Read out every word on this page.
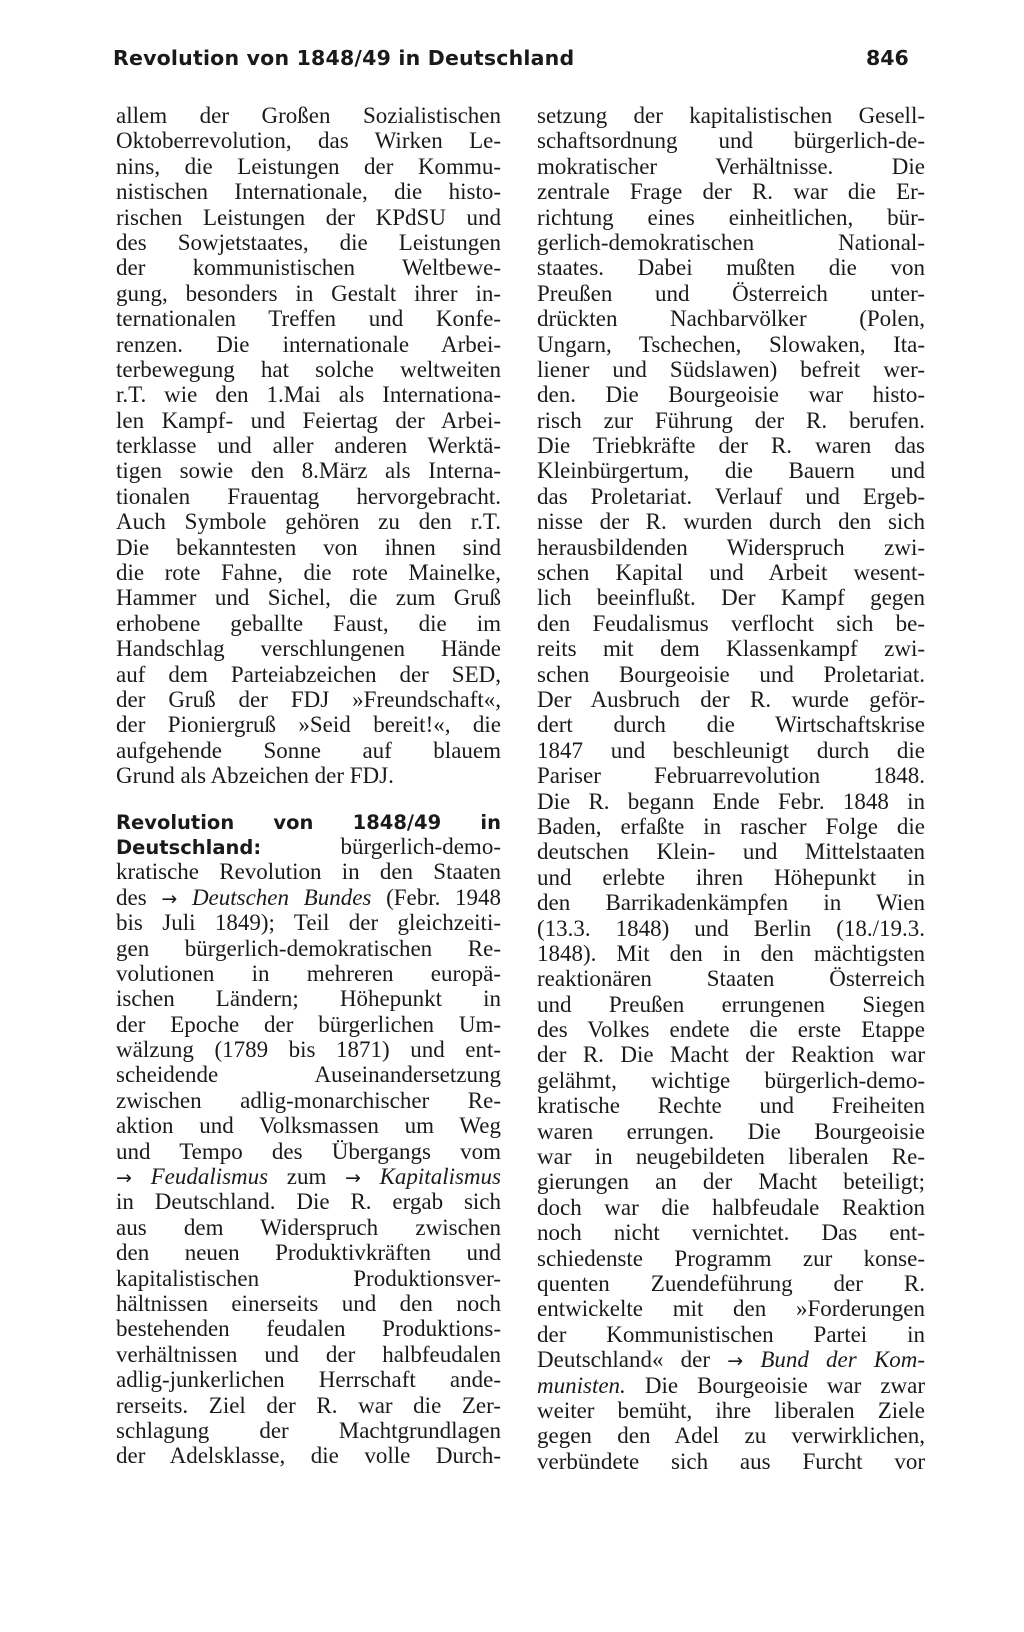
Revolution von 1848/49 in Deutschland	846
allem der Großen Sozialistischen
Oktoberrevolution, das Wirken Le-
nins, die Leistungen der Kommu-
nistischen Internationale, die histo-
rischen Leistungen der KPdSU und
des Sowjetstaates, die Leistungen
der kommunistischen Weltbewe-
gung, besonders in Gestalt ihrer in-
ternationalen Treffen und Konfe-
renzen. Die internationale Arbei-
terbewegung hat solche weltweiten
r.T. wie den 1.Mai als Internationa-
len Kampf- und Feiertag der Arbei-
terklasse und aller anderen Werktä-
tigen sowie den 8.März als Interna-
tionalen Frauentag hervorgebracht.
Auch Symbole gehören zu den r.T.
Die bekanntesten von ihnen sind
die rote Fahne, die rote Mainelke,
Hammer und Sichel, die zum Gruß
erhobene geballte Faust, die im
Handschlag verschlungenen Hände
auf dem Parteiabzeichen der SED,
der Gruß der FDJ »Freundschaft«,
der Pioniergruß »Seid bereit!«, die
aufgehende Sonne auf blauem
Grund als Abzeichen der FDJ.
Revolution von 1848/49 in
Deutschland:	bürgerlich-demo-
kratische Revolution in den Staaten
des → Deutschen Bundes (Febr. 1948
bis Juli 1849); Teil der gleichzeiti-
gen bürgerlich-demokratischen Re-
volutionen in mehreren europä-
ischen Ländern; Höhepunkt in
der Epoche der bürgerlichen Um-
wälzung (1789 bis 1871) und ent-
scheidende Auseinandersetzung
zwischen adlig-monarchischer Re-
aktion und Volksmassen um Weg
und Tempo des Übergangs vom
→ Feudalismus zum → Kapitalismus
in Deutschland. Die R. ergab sich
aus dem Widerspruch zwischen
den neuen Produktivkräften und
kapitalistischen Produktionsver-
hältnissen einerseits und den noch
bestehenden feudalen Produktions-
verhältnissen und der halbfeudalen
adlig-junkerlichen Herrschaft ande-
rerseits. Ziel der R. war die Zer-
schlagung der Machtgrundlagen
der Adelsklasse, die volle Durch-
setzung der kapitalistischen Gesell-
schaftsordnung und bürgerlich-de-
mokratischer Verhältnisse. Die
zentrale Frage der R. war die Er-
richtung eines einheitlichen, bür-
gerlich-demokratischen National-
staates. Dabei mußten die von
Preußen und Österreich unter-
drückten Nachbarvölker (Polen,
Ungarn, Tschechen, Slowaken, Ita-
liener und Südslawen) befreit wer-
den. Die Bourgeoisie war histo-
risch zur Führung der R. berufen.
Die Triebkräfte der R. waren das
Kleinbürgertum, die Bauern und
das Proletariat. Verlauf und Ergeb-
nisse der R. wurden durch den sich
herausbildenden Widerspruch zwi-
schen Kapital und Arbeit wesent-
lich beeinflußt. Der Kampf gegen
den Feudalismus verflocht sich be-
reits mit dem Klassenkampf zwi-
schen Bourgeoisie und Proletariat.
Der Ausbruch der R. wurde geför-
dert durch die Wirtschaftskrise
1847 und beschleunigt durch die
Pariser Februarrevolution 1848.
Die R. begann Ende Febr. 1848 in
Baden, erfaßte in rascher Folge die
deutschen Klein- und Mittelstaaten
und erlebte ihren Höhepunkt in
den Barrikadenkämpfen in Wien
(13.3. 1848) und Berlin (18./19.3.
1848). Mit den in den mächtigsten
reaktionären Staaten Österreich
und Preußen errungenen Siegen
des Volkes endete die erste Etappe
der R. Die Macht der Reaktion war
gelähmt, wichtige bürgerlich-demo-
kratische Rechte und Freiheiten
waren errungen. Die Bourgeoisie
war in neugebildeten liberalen Re-
gierungen an der Macht beteiligt;
doch war die halbfeudale Reaktion
noch nicht vernichtet. Das ent-
schiedenste Programm zur konse-
quenten Zuendeführung der R.
entwickelte mit den »Forderungen
der Kommunistischen Partei in
Deutschland« der → Bund der Kom-
munisten. Die Bourgeoisie war zwar
weiter bemüht, ihre liberalen Ziele
gegen den Adel zu verwirklichen,
verbündete sich aus Furcht vor
